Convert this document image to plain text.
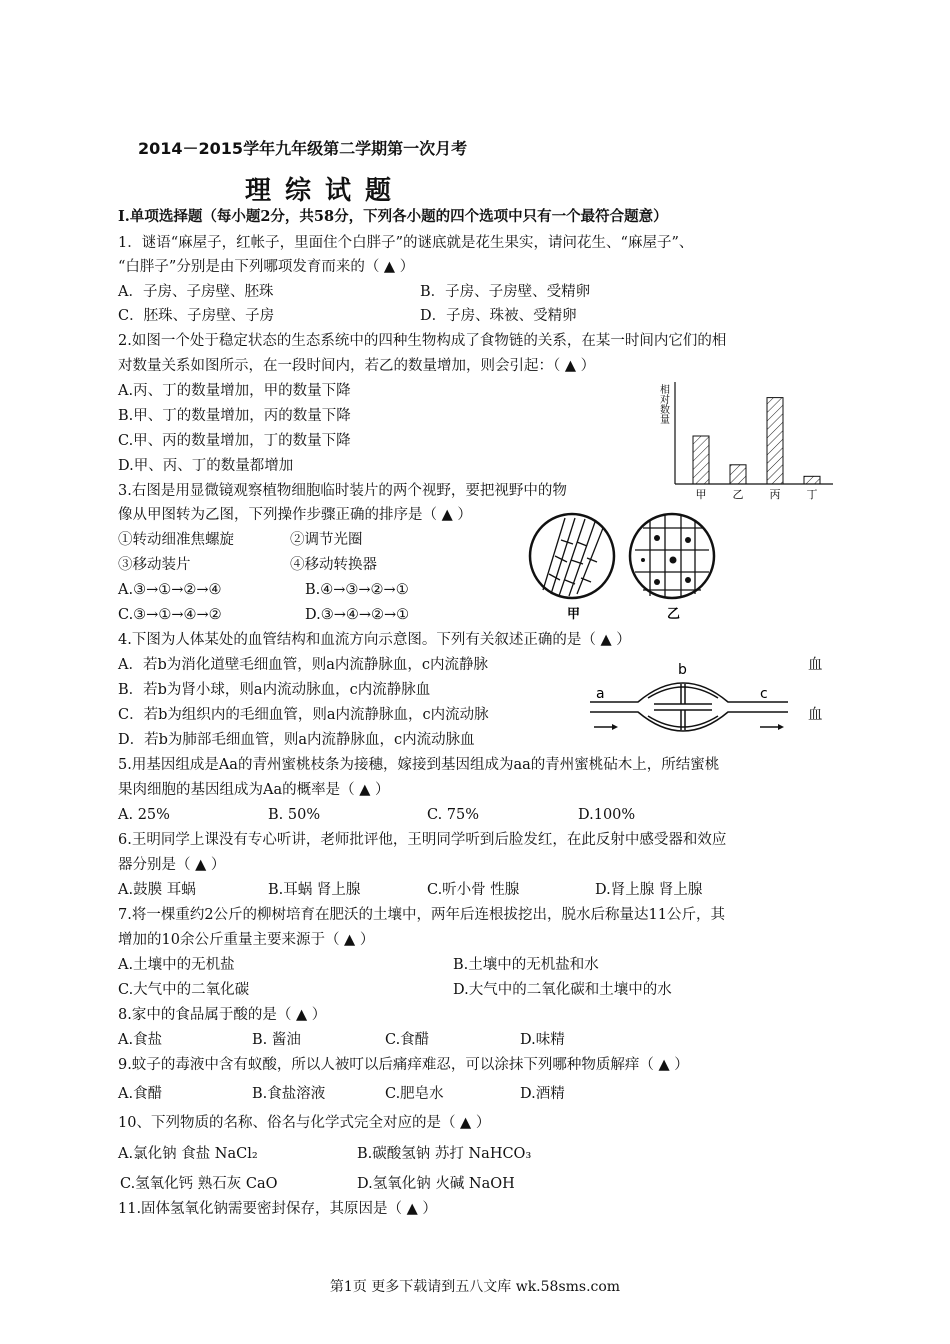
2014－2015学年九年级第二学期第一次月考
理综试题
I.单项选择题（每小题2分，共58分，下列各小题的四个选项中只有一个最符合题意）
1．谜语“麻屋子，红帐子，里面住个白胖子”的谜底就是花生果实，请问花生、“麻屋子”、
“白胖子”分别是由下列哪项发育而来的（ ▲ ）
A．子房、子房壁、胚珠	B．子房、子房壁、受精卵
C．胚珠、子房壁、子房	D．子房、珠被、受精卵
2.如图一个处于稳定状态的生态系统中的四种生物构成了食物链的关系，在某一时间内它们的相
对数量关系如图所示，在一段时间内，若乙的数量增加，则会引起：（ ▲ ）
A.丙、丁的数量增加，甲的数量下降
B.甲、丁的数量增加，丙的数量下降
C.甲、丙的数量增加，丁的数量下降
D.甲、丙、丁的数量都增加
相对数量
甲 乙 丙 丁
3.右图是用显微镜观察植物细胞临时装片的两个视野，要把视野中的物
像从甲图转为乙图，下列操作步骤正确的排序是（ ▲ ）
①转动细准焦螺旋	②调节光圈
③移动装片	④移动转换器
A.③→①→②→④	B.④→③→②→①
C.③→①→④→②	D.③→④→②→①	甲	乙
4.下图为人体某处的血管结构和血流方向示意图。下列有关叙述正确的是（ ▲ ）
A．若b为消化道壁毛细血管，则a内流静脉血，c内流静脉	血
B．若b为肾小球，则a内流动脉血，c内流静脉血
C．若b为组织内的毛细血管，则a内流静脉血，c内流动脉	血
D．若b为肺部毛细血管，则a内流静脉血，c内流动脉血
a
b
c
5.用基因组成是Aa的青州蜜桃枝条为接穗，嫁接到基因组成为aa的青州蜜桃砧木上，所结蜜桃
果肉细胞的基因组成为Aa的概率是（ ▲ ）
A. 25%	B. 50%	C. 75%	D.100%
6.王明同学上课没有专心听讲，老师批评他，王明同学听到后脸发红，在此反射中感受器和效应
器分别是（ ▲ ）
A.鼓膜 耳蜗	B.耳蜗 肾上腺	C.听小骨 性腺	D.肾上腺 肾上腺
7.将一棵重约2公斤的柳树培育在肥沃的土壤中，两年后连根拔挖出，脱水后称量达11公斤，其
增加的10余公斤重量主要来源于（ ▲ ）
A.土壤中的无机盐	B.土壤中的无机盐和水
C.大气中的二氧化碳	D.大气中的二氧化碳和土壤中的水
8.家中的食品属于酸的是（ ▲ ）
A.食盐	B. 酱油	C.食醋	D.味精
9.蚊子的毒液中含有蚁酸，所以人被叮以后痛痒难忍，可以涂抹下列哪种物质解痒（ ▲ ）
A.食醋	B.食盐溶液	C.肥皂水	D.酒精
10、下列物质的名称、俗名与化学式完全对应的是（ ▲ ）
A.氯化钠 食盐 NaCl₂	B.碳酸氢钠 苏打 NaHCO₃
C.氢氧化钙 熟石灰 CaO	D.氢氧化钠 火碱 NaOH
11.固体氢氧化钠需要密封保存，其原因是（ ▲ ）
第1页 更多下载请到五八文库 wk.58sms.com
